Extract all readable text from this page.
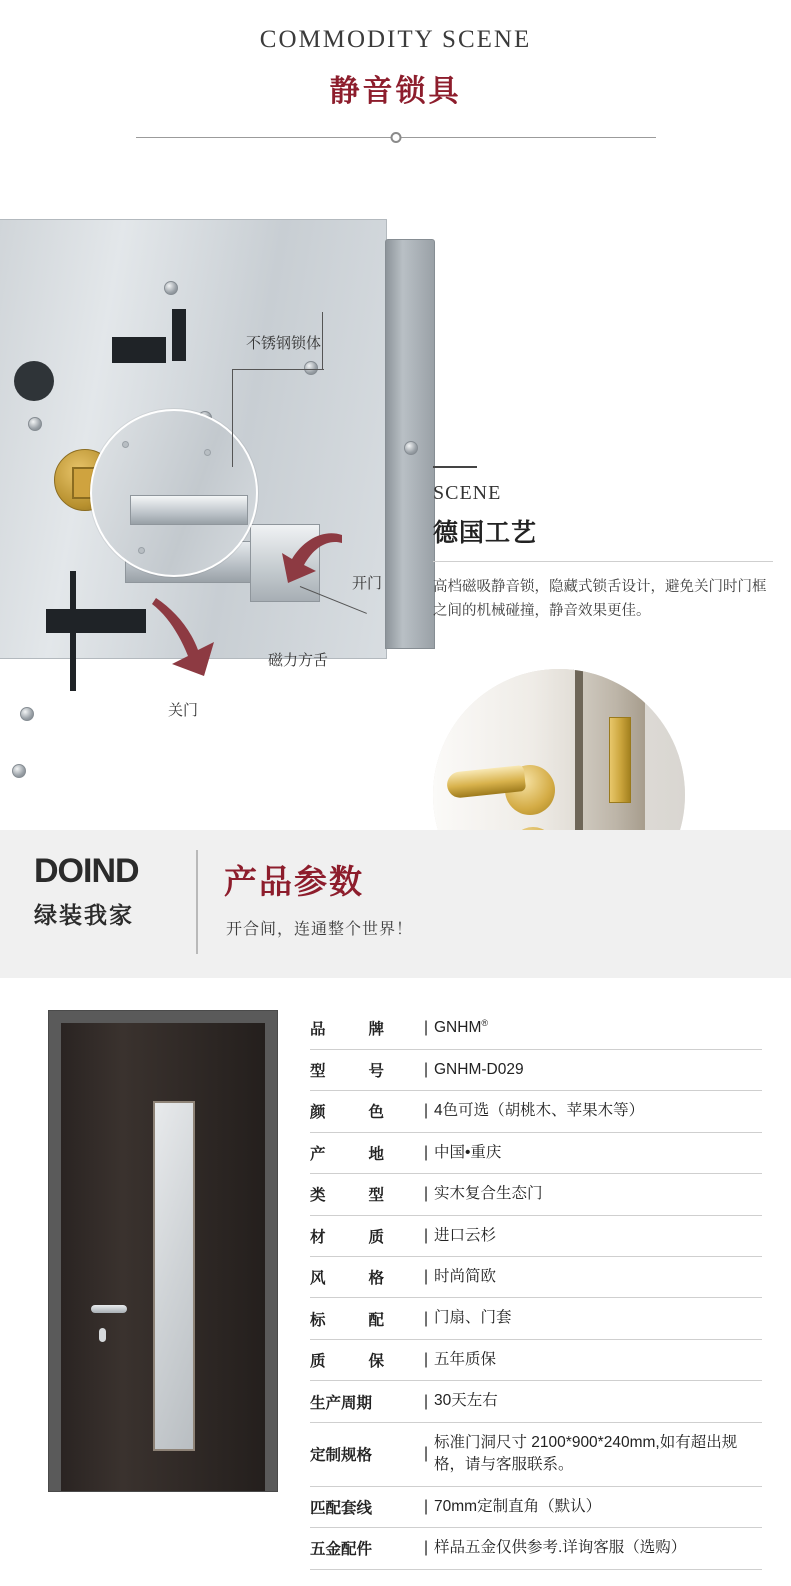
COMMODITY SCENE
静音锁具
不锈钢锁体
开门
关门
磁力方舌
SCENE
德国工艺
高档磁吸静音锁，隐藏式锁舌设计，避免关门时门框之间的机械碰撞，静音效果更佳。
DOIND
绿装我家
产品参数
开合间，连通整个世界！
品　　牌	|	GNHM®
型　　号	|	GNHM-D029
颜　　色	|	4色可选（胡桃木、苹果木等）
产　　地	|	中国•重庆
类　　型	|	实木复合生态门
材　　质	|	进口云杉
风　　格	|	时尚简欧
标　　配	|	门扇、门套
质　　保	|	五年质保
生产周期	|	30天左右
定制规格	|	标准门洞尺寸 2100*900*240mm,如有超出规格，请与客服联系。
匹配套线	|	70mm定制直角（默认）
五金配件	|	样品五金仅供参考.详询客服（选购）
